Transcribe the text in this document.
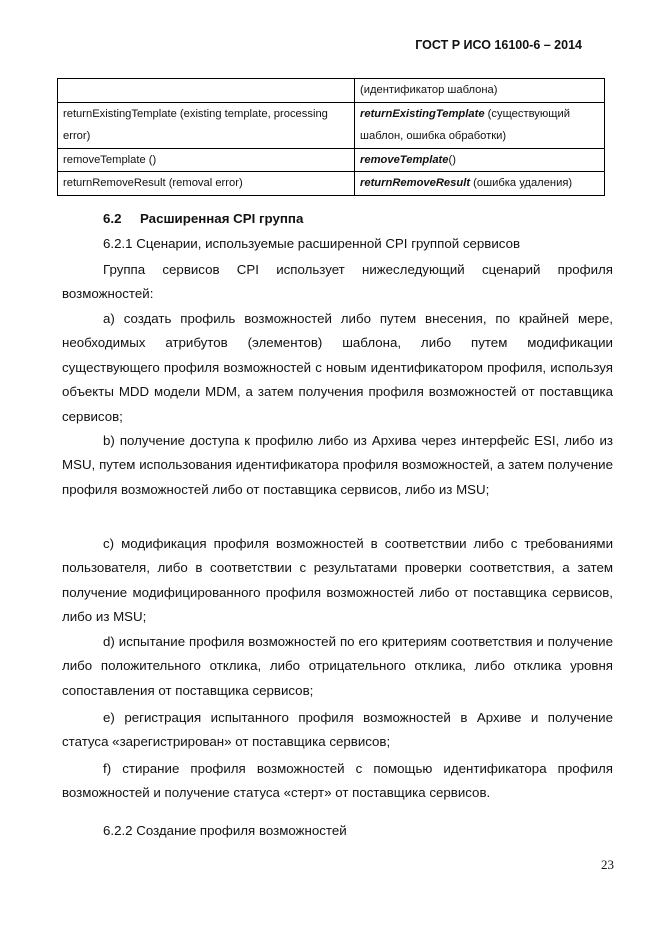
ГОСТ Р ИСО 16100-6 – 2014
	(идентификатор шаблона)
returnExistingTemplate (existing template, processing error)	returnExistingTemplate (существующий шаблон, ошибка обработки)
removeTemplate ()	removeTemplate()
returnRemoveResult (removal error)	returnRemoveResult (ошибка удаления)
6.2 Расширенная CPI группа
6.2.1 Сценарии, используемые расширенной CPI группой сервисов

Группа сервисов CPI использует нижеследующий сценарий профиля возможностей:

а) создать профиль возможностей либо путем внесения, по крайней мере, необходимых атрибутов (элементов) шаблона, либо путем модификации существующего профиля возможностей с новым идентификатором профиля, используя объекты MDD модели MDM, а затем получения профиля возможностей от поставщика сервисов;

b) получение доступа к профилю либо из Архива через интерфейс ESI, либо из MSU, путем использования идентификатора профиля возможностей, а затем получение профиля возможностей либо от поставщика сервисов, либо из MSU;

c) модификация профиля возможностей в соответствии либо с требованиями пользователя, либо в соответствии с результатами проверки соответствия, а затем получение модифицированного профиля возможностей либо от поставщика сервисов, либо из MSU;

d) испытание профиля возможностей по его критериям соответствия и получение либо положительного отклика, либо отрицательного отклика, либо отклика уровня сопоставления от поставщика сервисов;

e) регистрация испытанного профиля возможностей в Архиве и получение статуса «зарегистрирован» от поставщика сервисов;

f) стирание профиля возможностей с помощью идентификатора профиля возможностей и получение статуса «стерт» от поставщика сервисов.

6.2.2 Создание профиля возможностей
23
